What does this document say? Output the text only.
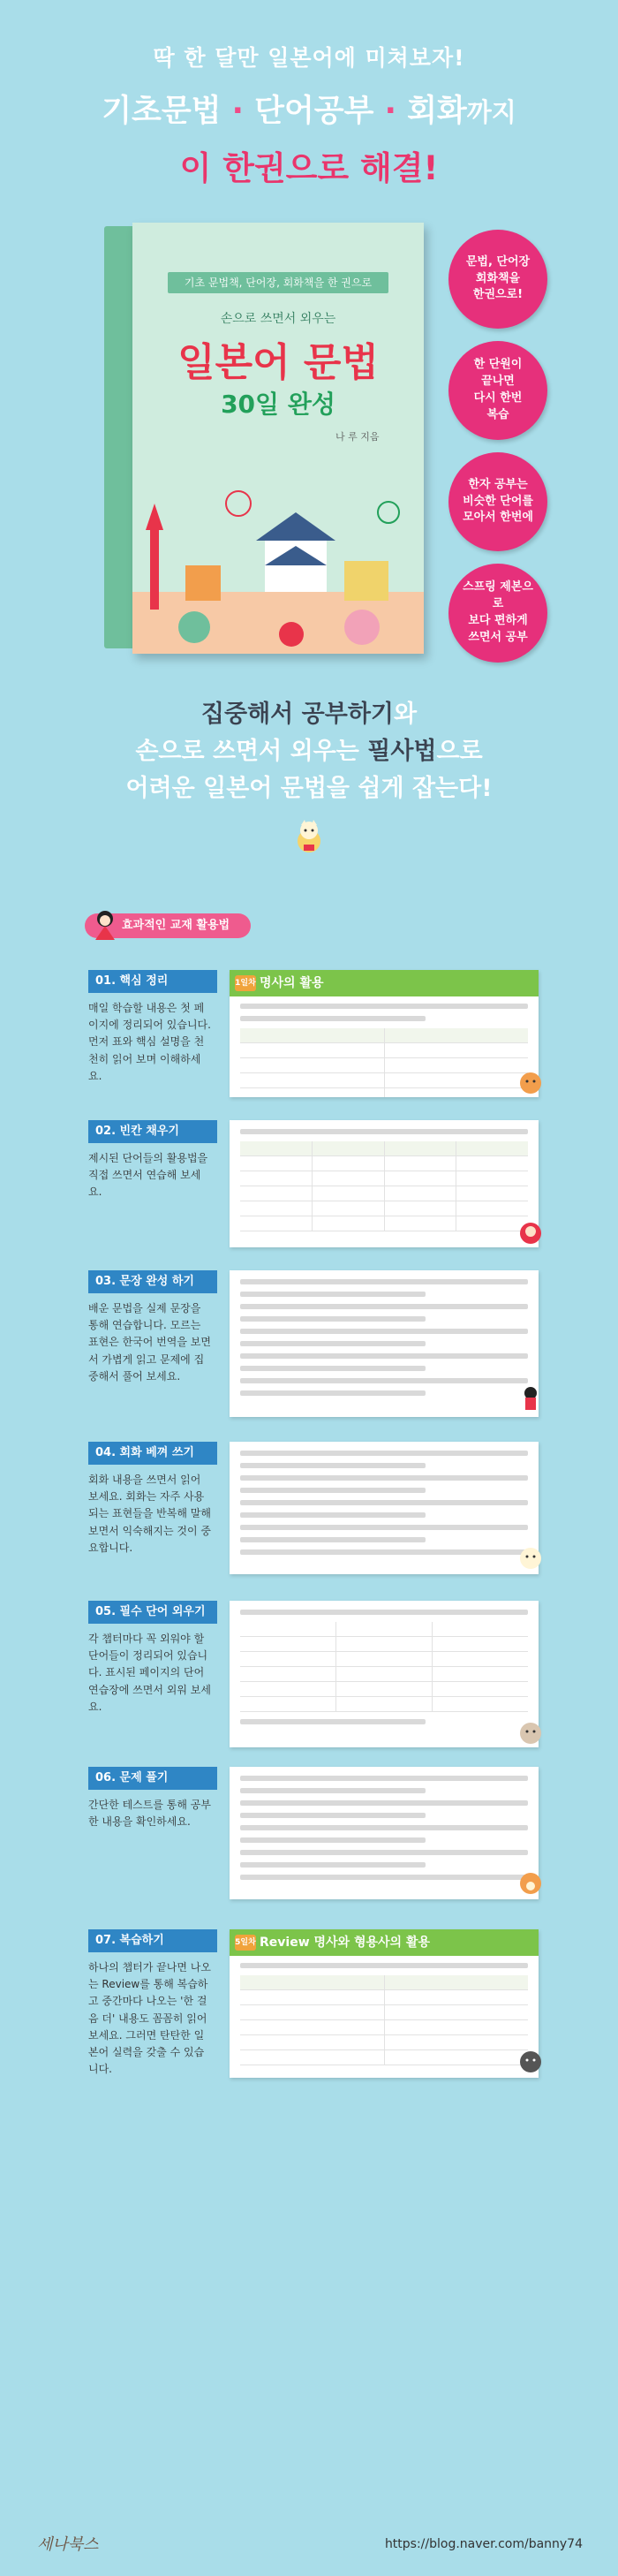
딱 한 달만 일본어에 미쳐보자!
기초문법 · 단어공부 · 회화까지
이 한권으로 해결!
기초 문법책, 단어장, 회화책을 한 권으로
손으로 쓰면서 외우는
일본어 문법
30일 완성
나 루 지음
문법, 단어장
회화책을
한권으로!
한 단원이
끝나면
다시 한번
복습
한자 공부는
비슷한 단어를
모아서 한번에
스프링 제본으로
보다 편하게
쓰면서 공부
집중해서 공부하기와
손으로 쓰면서 외우는 필사법으로
어려운 일본어 문법을 쉽게 잡는다!
효과적인 교재 활용법
01. 핵심 정리
매일 학습할 내용은 첫 페이지에 정리되어 있습니다. 먼저 표와 핵심 설명을 천천히 읽어 보며 이해하세요.
1일차 명사의 활용
02. 빈칸 채우기
제시된 단어들의 활용법을 직접 쓰면서 연습해 보세요.
03. 문장 완성 하기
배운 문법을 실제 문장을 통해 연습합니다. 모르는 표현은 한국어 번역을 보면서 가볍게 읽고 문제에 집중해서 풀어 보세요.
04. 회화 베껴 쓰기
회화 내용을 쓰면서 읽어 보세요. 회화는 자주 사용되는 표현들을 반복해 말해보면서 익숙해지는 것이 중요합니다.
05. 필수 단어 외우기
각 챕터마다 꼭 외워야 할 단어들이 정리되어 있습니다. 표시된 페이지의 단어 연습장에 쓰면서 외워 보세요.
06. 문제 풀기
간단한 테스트를 통해 공부한 내용을 확인하세요.
07. 복습하기
하나의 챕터가 끝나면 나오는 Review를 통해 복습하고 중간마다 나오는 '한 걸음 더' 내용도 꼼꼼히 읽어 보세요. 그러면 탄탄한 일본어 실력을 갖출 수 있습니다.
5일차 Review 명사와 형용사의 활용
세나북스	https://blog.naver.com/banny74
